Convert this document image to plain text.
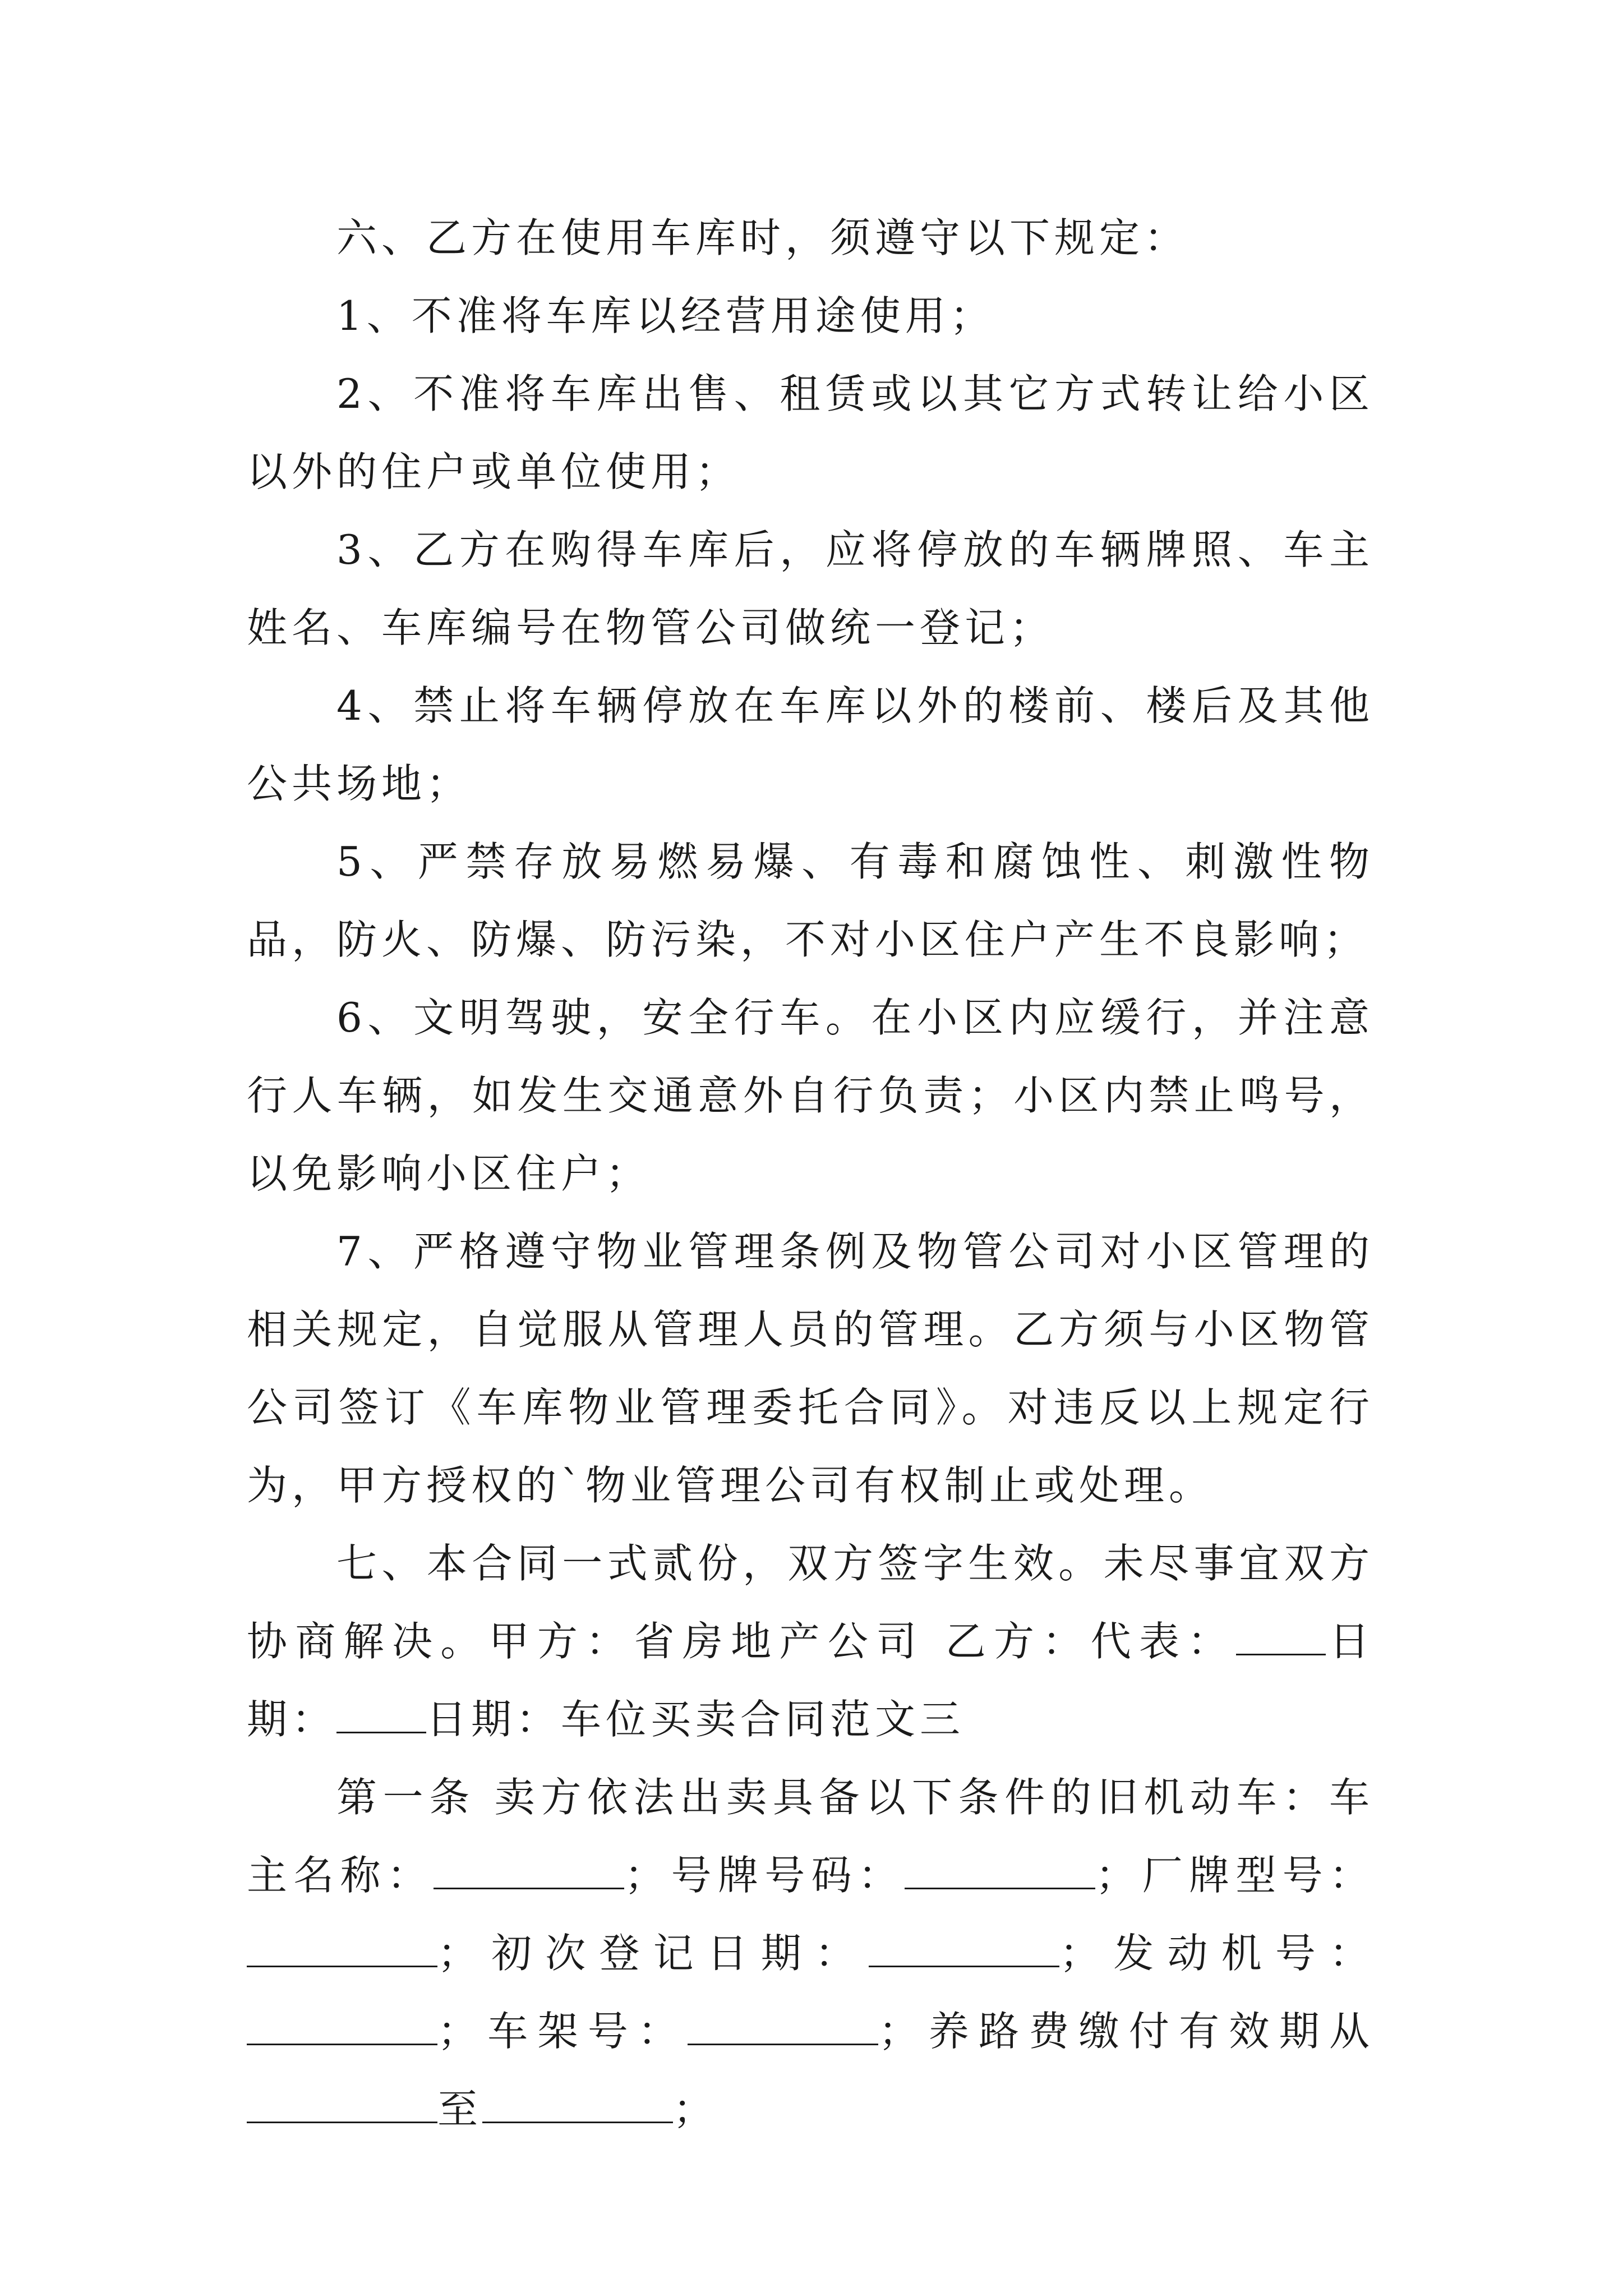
六、乙方在使用车库时，须遵守以下规定：

1、不准将车库以经营用途使用；

2、不准将车库出售、租赁或以其它方式转让给小区以外的住户或单位使用；

3、乙方在购得车库后，应将停放的车辆牌照、车主姓名、车库编号在物管公司做统一登记；

4、禁止将车辆停放在车库以外的楼前、楼后及其他公共场地；

5、严禁存放易燃易爆、有毒和腐蚀性、刺激性物品，防火、防爆、防污染，不对小区住户产生不良影响；

6、文明驾驶，安全行车。在小区内应缓行，并注意行人车辆，如发生交通意外自行负责；小区内禁止鸣号，以免影响小区住户；

7、严格遵守物业管理条例及物管公司对小区管理的相关规定，自觉服从管理人员的管理。乙方须与小区物管公司签订《车库物业管理委托合同》。对违反以上规定行为，甲方授权的`物业管理公司有权制止或处理。

七、本合同一式贰份，双方签字生效。未尽事宜双方协商解决。甲方：省房地产公司 乙方：代表： 日期： 日期：车位买卖合同范文三

第一条 卖方依法出卖具备以下条件的旧机动车：车主名称：	；号牌号码：	；厂牌型号：；初次登记日期：	；发动机号：；车架号：	；养路费缴付有效期从至	；
